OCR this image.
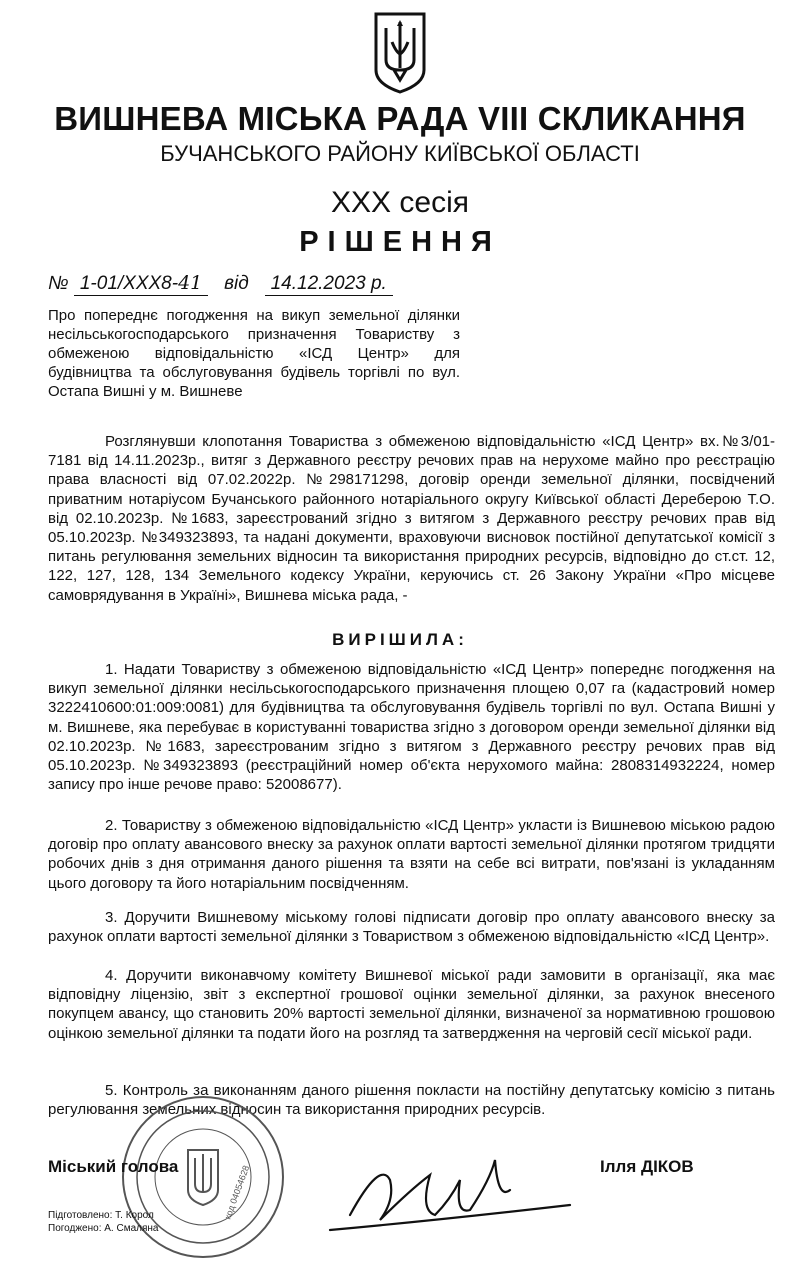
ВИШНЕВА МІСЬКА РАДА VIII СКЛИКАННЯ
БУЧАНСЬКОГО РАЙОНУ КИЇВСЬКОЇ ОБЛАСТІ
XXX сесія
РІШЕННЯ
№ 1-01/XXX8-41 від 14.12.2023 р.
Про попереднє погодження на викуп земельної ділянки несільськогосподарського призначення Товариству з обмеженою відповідальністю «ІСД Центр» для будівництва та обслуговування будівель торгівлі по вул. Остапа Вишні у м. Вишневе
Розглянувши клопотання Товариства з обмеженою відповідальністю «ІСД Центр» вх.№3/01-7181 від 14.11.2023р., витяг з Державного реєстру речових прав на нерухоме майно про реєстрацію права власності від 07.02.2022р. №298171298, договір оренди земельної ділянки, посвідчений приватним нотаріусом Бучанського районного нотаріального округу Київської області Дереберою Т.О. від 02.10.2023р. №1683, зареєстрований згідно з витягом з Державного реєстру речових прав від 05.10.2023р. №349323893, та надані документи, враховуючи висновок постійної депутатської комісії з питань регулювання земельних відносин та використання природних ресурсів, відповідно до ст.ст. 12, 122, 127, 128, 134 Земельного кодексу України, керуючись ст. 26 Закону України «Про місцеве самоврядування в Україні», Вишнева міська рада, -
ВИРІШИЛА:
1. Надати Товариству з обмеженою відповідальністю «ІСД Центр» попереднє погодження на викуп земельної ділянки несільськогосподарського призначення площею 0,07 га (кадастровий номер 3222410600:01:009:0081) для будівництва та обслуговування будівель торгівлі по вул. Остапа Вишні у м. Вишневе, яка перебуває в користуванні товариства згідно з договором оренди земельної ділянки від 02.10.2023р. №1683, зареєстрованим згідно з витягом з Державного реєстру речових прав від 05.10.2023р. №349323893 (реєстраційний номер об'єкта нерухомого майна: 2808314932224, номер запису про інше речове право: 52008677).
2. Товариству з обмеженою відповідальністю «ІСД Центр» укласти із Вишневою міською радою договір про оплату авансового внеску за рахунок оплати вартості земельної ділянки протягом тридцяти робочих днів з дня отримання даного рішення та взяти на себе всі витрати, пов'язані із укладанням цього договору та його нотаріальним посвідченням.
3. Доручити Вишневому міському голові підписати договір про оплату авансового внеску за рахунок оплати вартості земельної ділянки з Товариством з обмеженою відповідальністю «ІСД Центр».
4. Доручити виконавчому комітету Вишневої міської ради замовити в організації, яка має відповідну ліцензію, звіт з експертної грошової оцінки земельної ділянки, за рахунок внесеного покупцем авансу, що становить 20% вартості земельної ділянки, визначеної за нормативною грошовою оцінкою земельної ділянки та подати його на розгляд та затвердження на черговій сесії міської ради.
5. Контроль за виконанням даного рішення покласти на постійну депутатську комісію з питань регулювання земельних відносин та використання природних ресурсів.
код 04054628
Міський голова	Ілля ДІКОВ
Підготовлено: Т. Корол
Погоджено: А. Смаляна
